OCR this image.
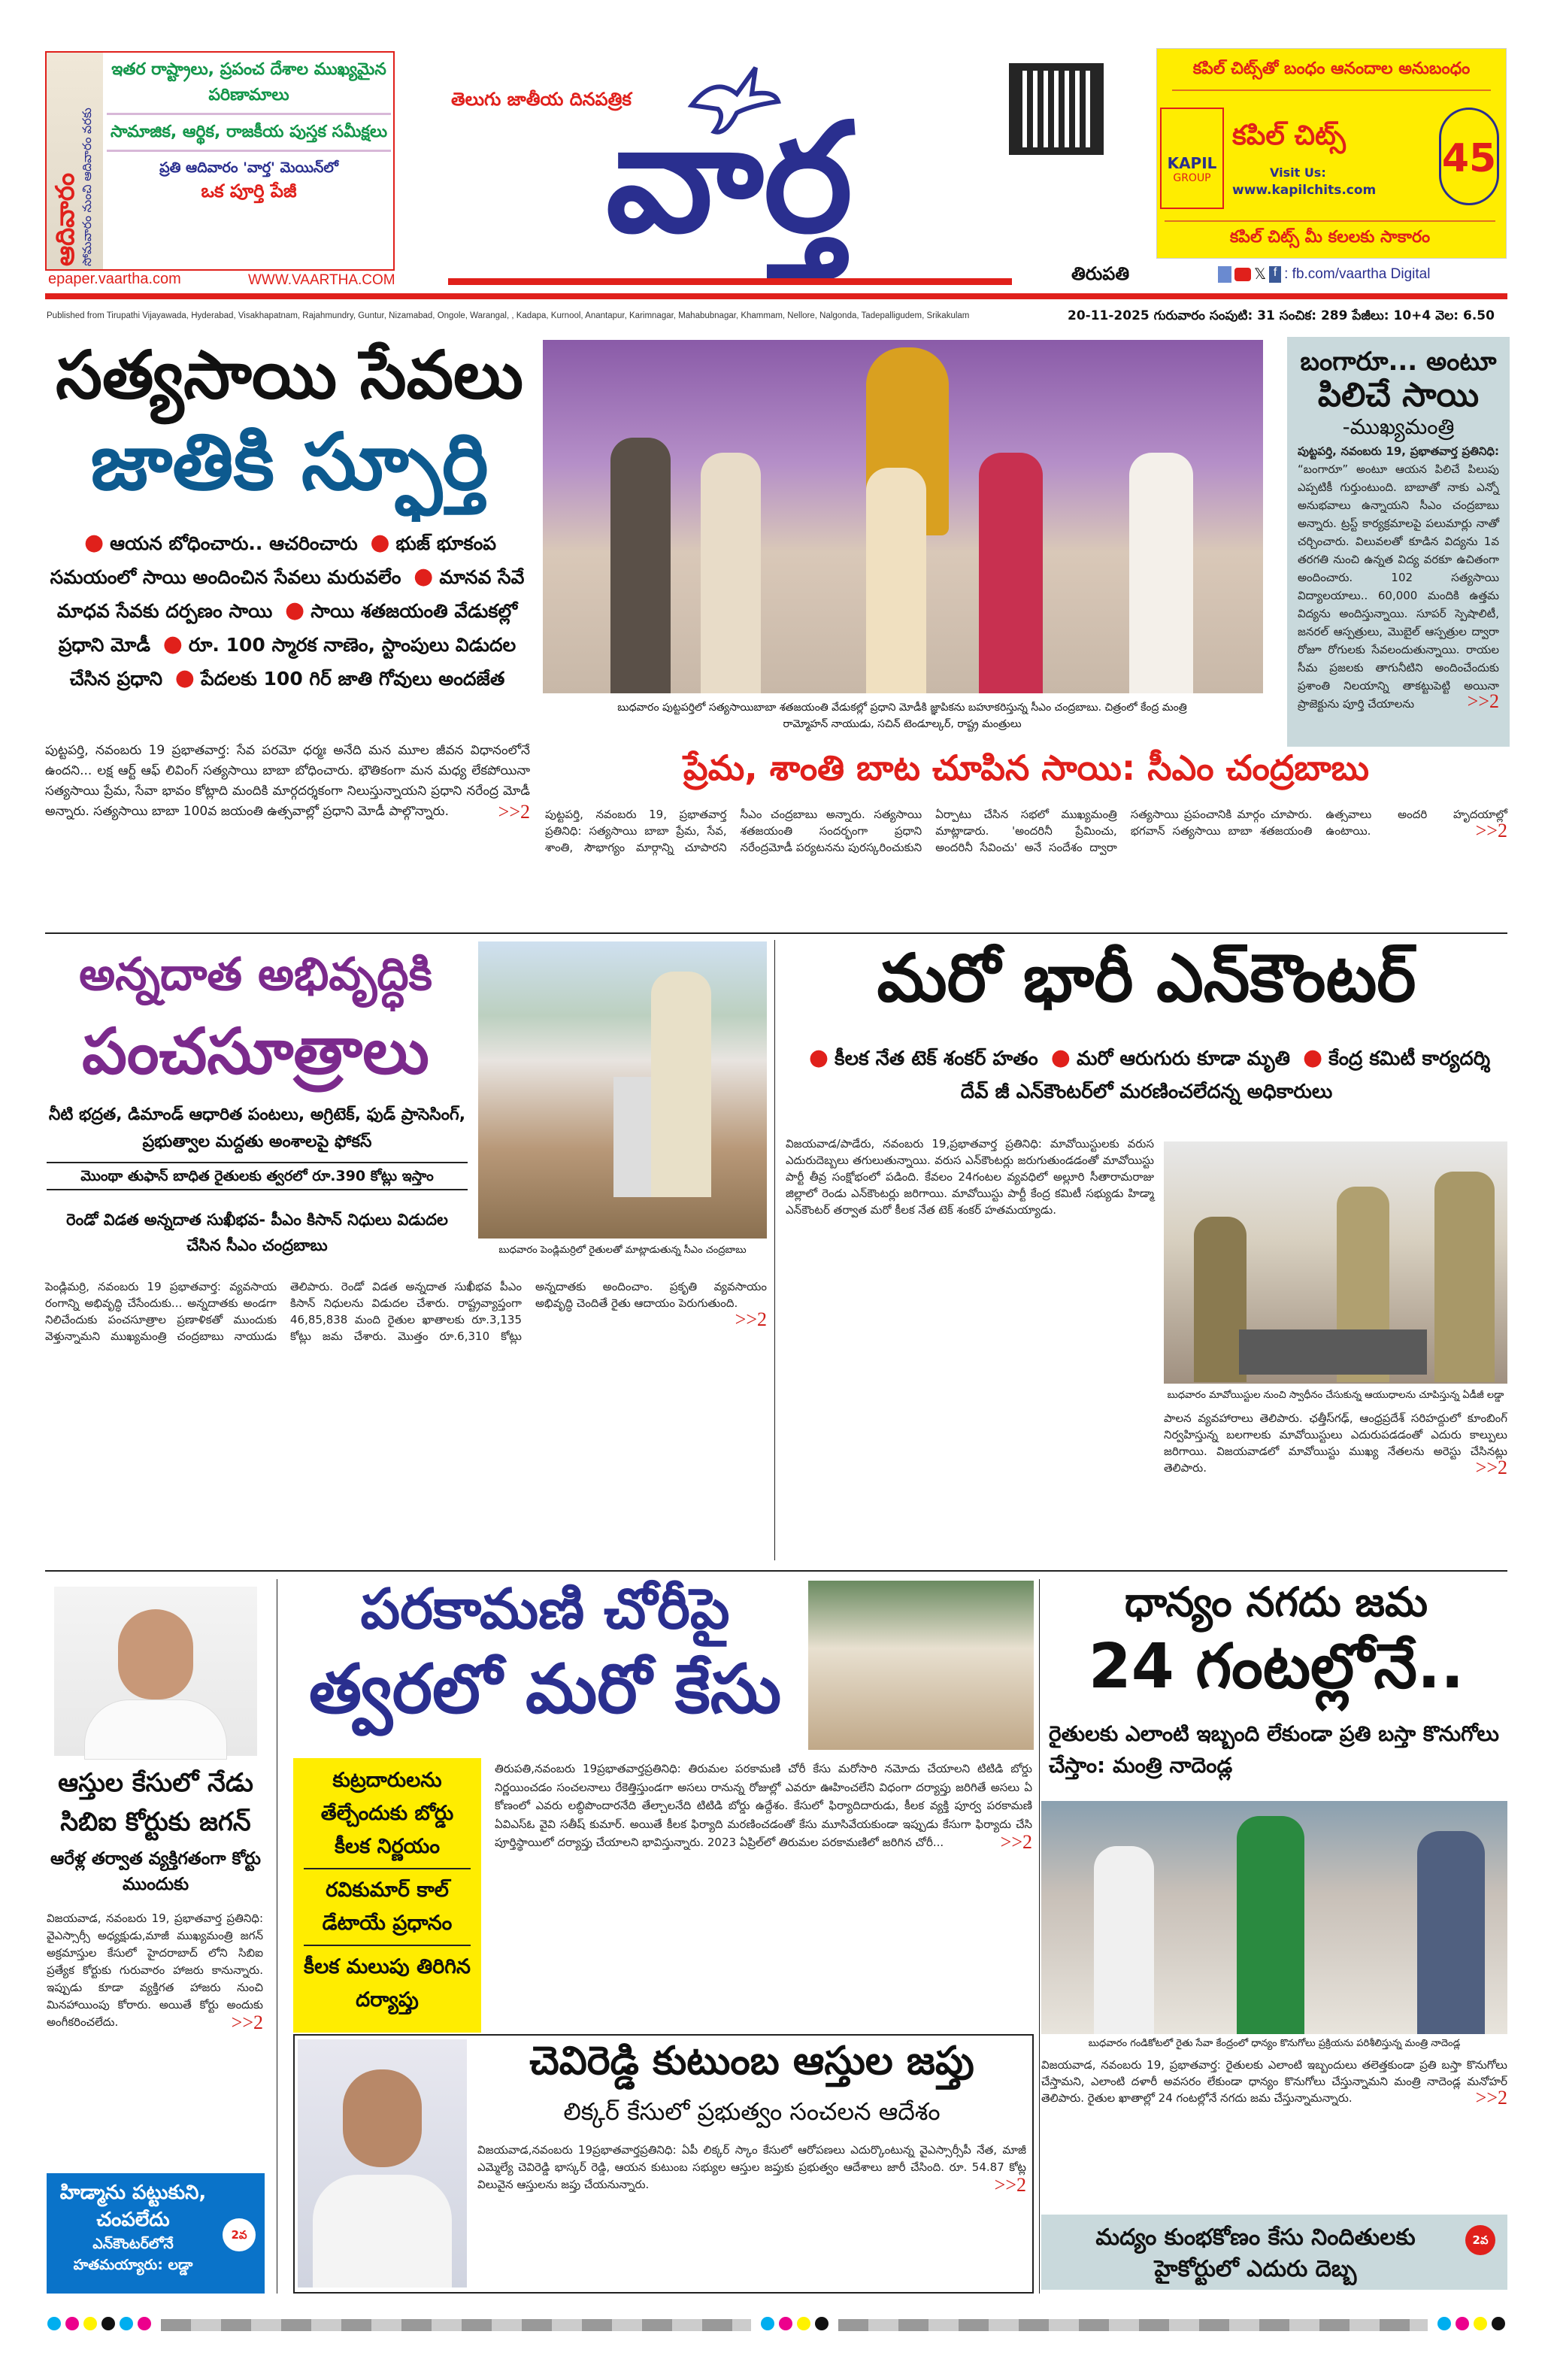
ఆదివారం సోమవారం నుంచి ఆదివారం వరకు
ఇతర రాష్ట్రాలు, ప్రపంచ దేశాల ముఖ్యమైన పరిణామాలు
సామాజిక, ఆర్థిక, రాజకీయ పుస్తక సమీక్షలు
ప్రతి ఆదివారం 'వార్త' మెయిన్‌లో
ఒక పూర్తి పేజీ
epaper.vaartha.com	WWW.VAARTHA.COM
తెలుగు జాతీయ దినపత్రిక
వార్త
కపిల్ చిట్స్‌తో బంధం ఆనందాల అనుబంధం
KAPIL
GROUP
కపిల్ చిట్స్
Visit Us:
www.kapilchits.com
45
కపిల్ చిట్స్ మీ కలలకు సాకారం
తిరుపతి	𝕏 f : fb.com/vaartha Digital
Published from Tirupathi Vijayawada, Hyderabad, Visakhapatnam, Rajahmundry, Guntur, Nizamabad, Ongole, Warangal, , Kadapa, Kurnool, Anantapur, Karimnagar, Mahabubnagar, Khammam, Nellore, Nalgonda, Tadepalligudem, Srikakulam	20-11-2025 గురువారం సంపుటి: 31 సంచిక: 289 పేజీలు: 10+4 వెల: 6.50
సత్యసాయి సేవలు
జాతికి స్ఫూర్తి
● ఆయన బోధించారు.. ఆచరించారు ● భుజ్ భూకంప సమయంలో సాయి అందించిన సేవలు మరువలేం ● మానవ సేవే మాధవ సేవకు దర్పణం సాయి ● సాయి శతజయంతి వేడుకల్లో ప్రధాని మోడీ ● రూ. 100 స్మారక నాణెం, స్టాంపులు విడుదల చేసిన ప్రధాని ● పేదలకు 100 గిర్ జాతి గోవులు అందజేత
పుట్టపర్తి, నవంబరు 19 ప్రభాతవార్త: సేవ పరమో ధర్మః అనేది మన మూల జీవన విధానంలోనే ఉందని... లక్ష ఆర్ట్ ఆఫ్ లివింగ్ సత్యసాయి బాబా బోధించారు. భౌతికంగా మన మధ్య లేకపోయినా సత్యసాయి ప్రేమ, సేవా భావం కోట్లాది మందికి మార్గదర్శకంగా నిలుస్తున్నాయని ప్రధాని నరేంద్ర మోడీ అన్నారు. సత్యసాయి బాబా 100వ జయంతి ఉత్సవాల్లో ప్రధాని మోడీ పాల్గొన్నారు.	>>2
బుధవారం పుట్టపర్తిలో సత్యసాయిబాబా శతజయంతి వేడుకల్లో ప్రధాని మోడీకి జ్ఞాపికను బహూకరిస్తున్న సీఎం చంద్రబాబు. చిత్రంలో కేంద్ర మంత్రి రామ్మోహన్ నాయుడు, సచిన్ టెండూల్కర్, రాష్ట్ర మంత్రులు
ప్రేమ, శాంతి బాట చూపిన సాయి: సీఎం చంద్రబాబు
పుట్టపర్తి, నవంబరు 19, ప్రభాతవార్త ప్రతినిధి: సత్యసాయి బాబా ప్రేమ, సేవ, శాంతి, సౌభాగ్యం మార్గాన్ని చూపారని సీఎం చంద్రబాబు అన్నారు. సత్యసాయి శతజయంతి సందర్భంగా ప్రధాని నరేంద్రమోడీ పర్యటనను పురస్కరించుకుని ఏర్పాటు చేసిన సభలో ముఖ్యమంత్రి మాట్లాడారు. 'అందరినీ ప్రేమించు, అందరినీ సేవించు' అనే సందేశం ద్వారా సత్యసాయి ప్రపంచానికి మార్గం చూపారు. భగవాన్ సత్యసాయి బాబా శతజయంతి ఉత్సవాలు అందరి హృదయాల్లో ఉంటాయి.	>>2
బంగారూ... అంటూ
పిలిచే సాయి
-ముఖ్యమంత్రి
పుట్టపర్తి, నవంబరు 19, ప్రభాతవార్త ప్రతినిధి: “బంగారూ” అంటూ ఆయన పిలిచే పిలుపు ఎప్పటికీ గుర్తుంటుంది. బాబాతో నాకు ఎన్నో అనుభవాలు ఉన్నాయని సీఎం చంద్రబాబు అన్నారు. ట్రస్ట్ కార్యక్రమాలపై పలుమార్లు నాతో చర్చించారు. విలువలతో కూడిన విద్యను 1వ తరగతి నుంచి ఉన్నత విద్య వరకూ ఉచితంగా అందించారు. 102 సత్యసాయి విద్యాలయాలు.. 60,000 మందికి ఉత్తమ విద్యను అందిస్తున్నాయి. సూపర్ స్పెషాలిటీ, జనరల్ ఆస్పత్రులు, మొబైల్ ఆస్పత్రుల ద్వారా రోజూ రోగులకు సేవలందుతున్నాయి. రాయల సీమ ప్రజలకు తాగునీటిని అందించేందుకు ప్రశాంతి నిలయాన్ని తాకట్టుపెట్టి అయినా ప్రాజెక్టును పూర్తి చేయాలను	>>2
అన్నదాత అభివృద్ధికి
పంచసూత్రాలు
నీటి భద్రత, డిమాండ్ ఆధారిత పంటలు, అగ్రిటెక్, ఫుడ్ ప్రాసెసింగ్, ప్రభుత్వాల మద్దతు అంశాలపై ఫోకస్
మొంథా తుఫాన్ బాధిత రైతులకు త్వరలో రూ.390 కోట్లు ఇస్తాం
రెండో విడత అన్నదాత సుఖీభవ- పీఎం కిసాన్ నిధులు విడుదల చేసిన సీఎం చంద్రబాబు	బుధవారం పెండ్లిమర్రిలో రైతులతో మాట్లాడుతున్న సీఎం చంద్రబాబు
పెండ్లిమర్రి, నవంబరు 19 ప్రభాతవార్త: వ్యవసాయ రంగాన్ని అభివృద్ధి చేసేందుకు... అన్నదాతకు అండగా నిలిచేందుకు పంచసూత్రాల ప్రణాళికతో ముందుకు వెళ్తున్నామని ముఖ్యమంత్రి చంద్రబాబు నాయుడు తెలిపారు. రెండో విడత అన్నదాత సుఖీభవ పీఎం కిసాన్ నిధులను విడుదల చేశారు. రాష్ట్రవ్యాప్తంగా 46,85,838 మంది రైతుల ఖాతాలకు రూ.3,135 కోట్లు జమ చేశారు. మొత్తం రూ.6,310 కోట్లు అన్నదాతకు అందించాం. ప్రకృతి వ్యవసాయం అభివృద్ధి చెందితే రైతు ఆదాయం పెరుగుతుంది.
>>2
మరో భారీ ఎన్‌కౌంటర్
● కీలక నేత టెక్ శంకర్ హతం ● మరో ఆరుగురు కూడా మృతి ● కేంద్ర కమిటీ కార్యదర్శి దేవ్ జీ ఎన్‌కౌంటర్‌లో మరణించలేదన్న అధికారులు
విజయవాడ/పాడేరు, నవంబరు 19,ప్రభాతవార్త ప్రతినిధి: మావోయిస్టులకు వరుస ఎదురుదెబ్బలు తగులుతున్నాయి. వరుస ఎన్‌కౌంటర్లు జరుగుతుండడంతో మావోయిస్టు పార్టీ తీవ్ర సంక్షోభంలో పడింది. కేవలం 24గంటల వ్యవధిలో అల్లూరి సీతారామరాజు జిల్లాలో రెండు ఎన్‌కౌంటర్లు జరిగాయి. మావోయిస్టు పార్టీ కేంద్ర కమిటీ సభ్యుడు హిడ్మా ఎన్‌కౌంటర్ తర్వాత మరో కీలక నేత టెక్ శంకర్ హతమయ్యాడు.
బుధవారం మావోయిస్టుల నుంచి స్వాధీనం చేసుకున్న ఆయుధాలను చూపిస్తున్న ఏడీజీ లడ్డా
పాలన వ్యవహారాలు తెలిపారు. ఛత్తీస్‌గఢ్, ఆంధ్రప్రదేశ్ సరిహద్దులో కూంబింగ్ నిర్వహిస్తున్న బలగాలకు మావోయిస్టులు ఎదురుపడడంతో ఎదురు కాల్పులు జరిగాయి. విజయవాడలో మావోయిస్టు ముఖ్య నేతలను అరెస్టు చేసినట్లు తెలిపారు.	>>2
ఆస్తుల కేసులో నేడు సిబిఐ కోర్టుకు జగన్
ఆరేళ్ల తర్వాత వ్యక్తిగతంగా కోర్టు ముందుకు
విజయవాడ, నవంబరు 19, ప్రభాతవార్త ప్రతినిధి: వైఎస్సార్సీ అధ్యక్షుడు,మాజీ ముఖ్యమంత్రి జగన్ అక్రమాస్తుల కేసులో హైదరాబాద్ లోని సిబిఐ ప్రత్యేక కోర్టుకు గురువారం హాజరు కానున్నారు. ఇప్పుడు కూడా వ్యక్తిగత హాజరు నుంచి మినహాయింపు కోరారు. అయితే కోర్టు అందుకు అంగీకరించలేదు.	>>2
హిడ్మాను పట్టుకుని, చంపలేదు
ఎన్‌కౌంటర్‌లోనే హతమయ్యారు: లడ్డా
2వ
పరకామణి చోరీపై
త్వరలో మరో కేసు
కుట్రదారులను తేల్చేందుకు బోర్డు కీలక నిర్ణయం
రవికుమార్ కాల్ డేటాయే ప్రధానం
కీలక మలుపు తిరిగిన దర్యాప్తు
తిరుపతి,నవంబరు 19ప్రభాతవార్తప్రతినిధి: తిరుమల పరకామణి చోరీ కేసు మరోసారి నమోదు చేయాలని టిటిడి బోర్డు నిర్ణయించడం సంచలనాలు రేకెత్తిస్తుండగా అసలు రానున్న రోజుల్లో ఎవరూ ఊహించలేని విధంగా దర్యాప్తు జరిగితే అసలు ఏ కోణంలో ఎవరు లబ్ధిపొందారనేది తేల్చాలనేది టిటిడి బోర్డు ఉద్దేశం. కేసులో ఫిర్యాదిదారుడు, కీలక వ్యక్తి పూర్వ పరకామణి ఏవిఎస్ఓ వైవి సతీష్ కుమార్. అయితే కీలక ఫిర్యాది మరణించడంతో కేసు మూసివేయకుండా ఇప్పుడు కేసుగా ఫిర్యాదు చేసి పూర్తిస్థాయిలో దర్యాప్తు చేయాలని భావిస్తున్నారు. 2023 ఏప్రిల్‌లో తిరుమల పరకామణిలో జరిగిన చోరీ...	>>2
చెవిరెడ్డి కుటుంబ ఆస్తుల జప్తు
లిక్కర్ కేసులో ప్రభుత్వం సంచలన ఆదేశం
విజయవాడ,నవంబరు 19ప్రభాతవార్తప్రతినిధి: ఏపీ లిక్కర్ స్కాం కేసులో ఆరోపణలు ఎదుర్కొంటున్న వైఎస్సార్సీపీ నేత, మాజీ ఎమ్మెల్యే చెవిరెడ్డి భాస్కర్ రెడ్డి, ఆయన కుటుంబ సభ్యుల ఆస్తుల జప్తుకు ప్రభుత్వం ఆదేశాలు జారీ చేసింది. రూ. 54.87 కోట్ల విలువైన ఆస్తులను జప్తు చేయనున్నారు.	>>2
ధాన్యం నగదు జమ
24 గంటల్లోనే..
రైతులకు ఎలాంటి ఇబ్బంది లేకుండా ప్రతి బస్తా కొనుగోలు చేస్తాం: మంత్రి నాదెండ్ల
బుధవారం గండికోటలో రైతు సేవా కేంద్రంలో ధాన్యం కొనుగోలు ప్రక్రియను పరిశీలిస్తున్న మంత్రి నాదెండ్ల
విజయవాడ, నవంబరు 19, ప్రభాతవార్త: రైతులకు ఎలాంటి ఇబ్బందులు తలెత్తకుండా ప్రతి బస్తా కొనుగోలు చేస్తామని, ఎలాంటి దళారీ అవసరం లేకుండా ధాన్యం కొనుగోలు చేస్తున్నామని మంత్రి నాదెండ్ల మనోహర్ తెలిపారు. రైతుల ఖాతాల్లో 24 గంటల్లోనే నగదు జమ చేస్తున్నామన్నారు.	>>2
మద్యం కుంభకోణం కేసు నిందితులకు హైకోర్టులో ఎదురు దెబ్బ
2వ
